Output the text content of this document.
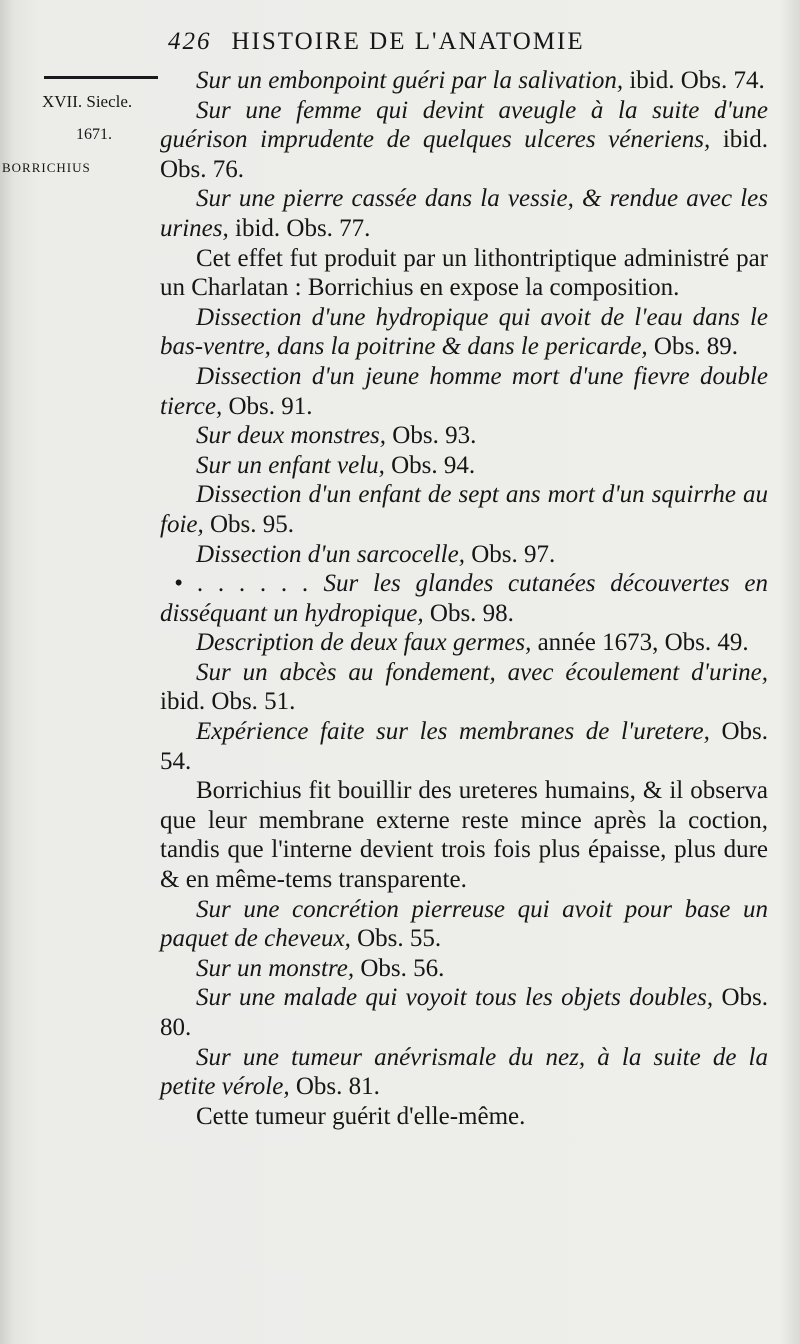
426 HISTOIRE DE L'ANATOMIE
XVII. Siecle.
1671.
BORRICHIUS

Sur un embonpoint guéri par la salivation, ibid. Obs. 74.

Sur une femme qui devint aveugle à la suite d'une guérison imprudente de quelques ulceres véneriens, ibid. Obs. 76.

Sur une pierre cassée dans la vessie, & rendue avec les urines, ibid. Obs. 77.

Cet effet fut produit par un lithontriptique administré par un Charlatan : Borrichius en expose la composition.

Dissection d'une hydropique qui avoit de l'eau dans le bas-ventre, dans la poitrine & dans le pericarde, Obs. 89.

Dissection d'un jeune homme mort d'une fievre double tierce, Obs. 91.

Sur deux monstres, Obs. 93.

Sur un enfant velu, Obs. 94.

Dissection d'un enfant de sept ans mort d'un squirrhe au foie, Obs. 95.

Dissection d'un sarcocelle, Obs. 97.

• . . . . . . Sur les glandes cutanées découvertes en disséquant un hydropique, Obs. 98.

Description de deux faux germes, année 1673, Obs. 49.

Sur un abcès au fondement, avec écoulement d'urine, ibid. Obs. 51.

Expérience faite sur les membranes de l'uretere, Obs. 54.

Borrichius fit bouillir des ureteres humains, & il observa que leur membrane externe reste mince après la coction, tandis que l'interne devient trois fois plus épaisse, plus dure & en même-tems transparente.

Sur une concrétion pierreuse qui avoit pour base un paquet de cheveux, Obs. 55.

Sur un monstre, Obs. 56.

Sur une malade qui voyoit tous les objets doubles, Obs. 80.

Sur une tumeur anévrismale du nez, à la suite de la petite vérole, Obs. 81.

Cette tumeur guérit d'elle-même.
